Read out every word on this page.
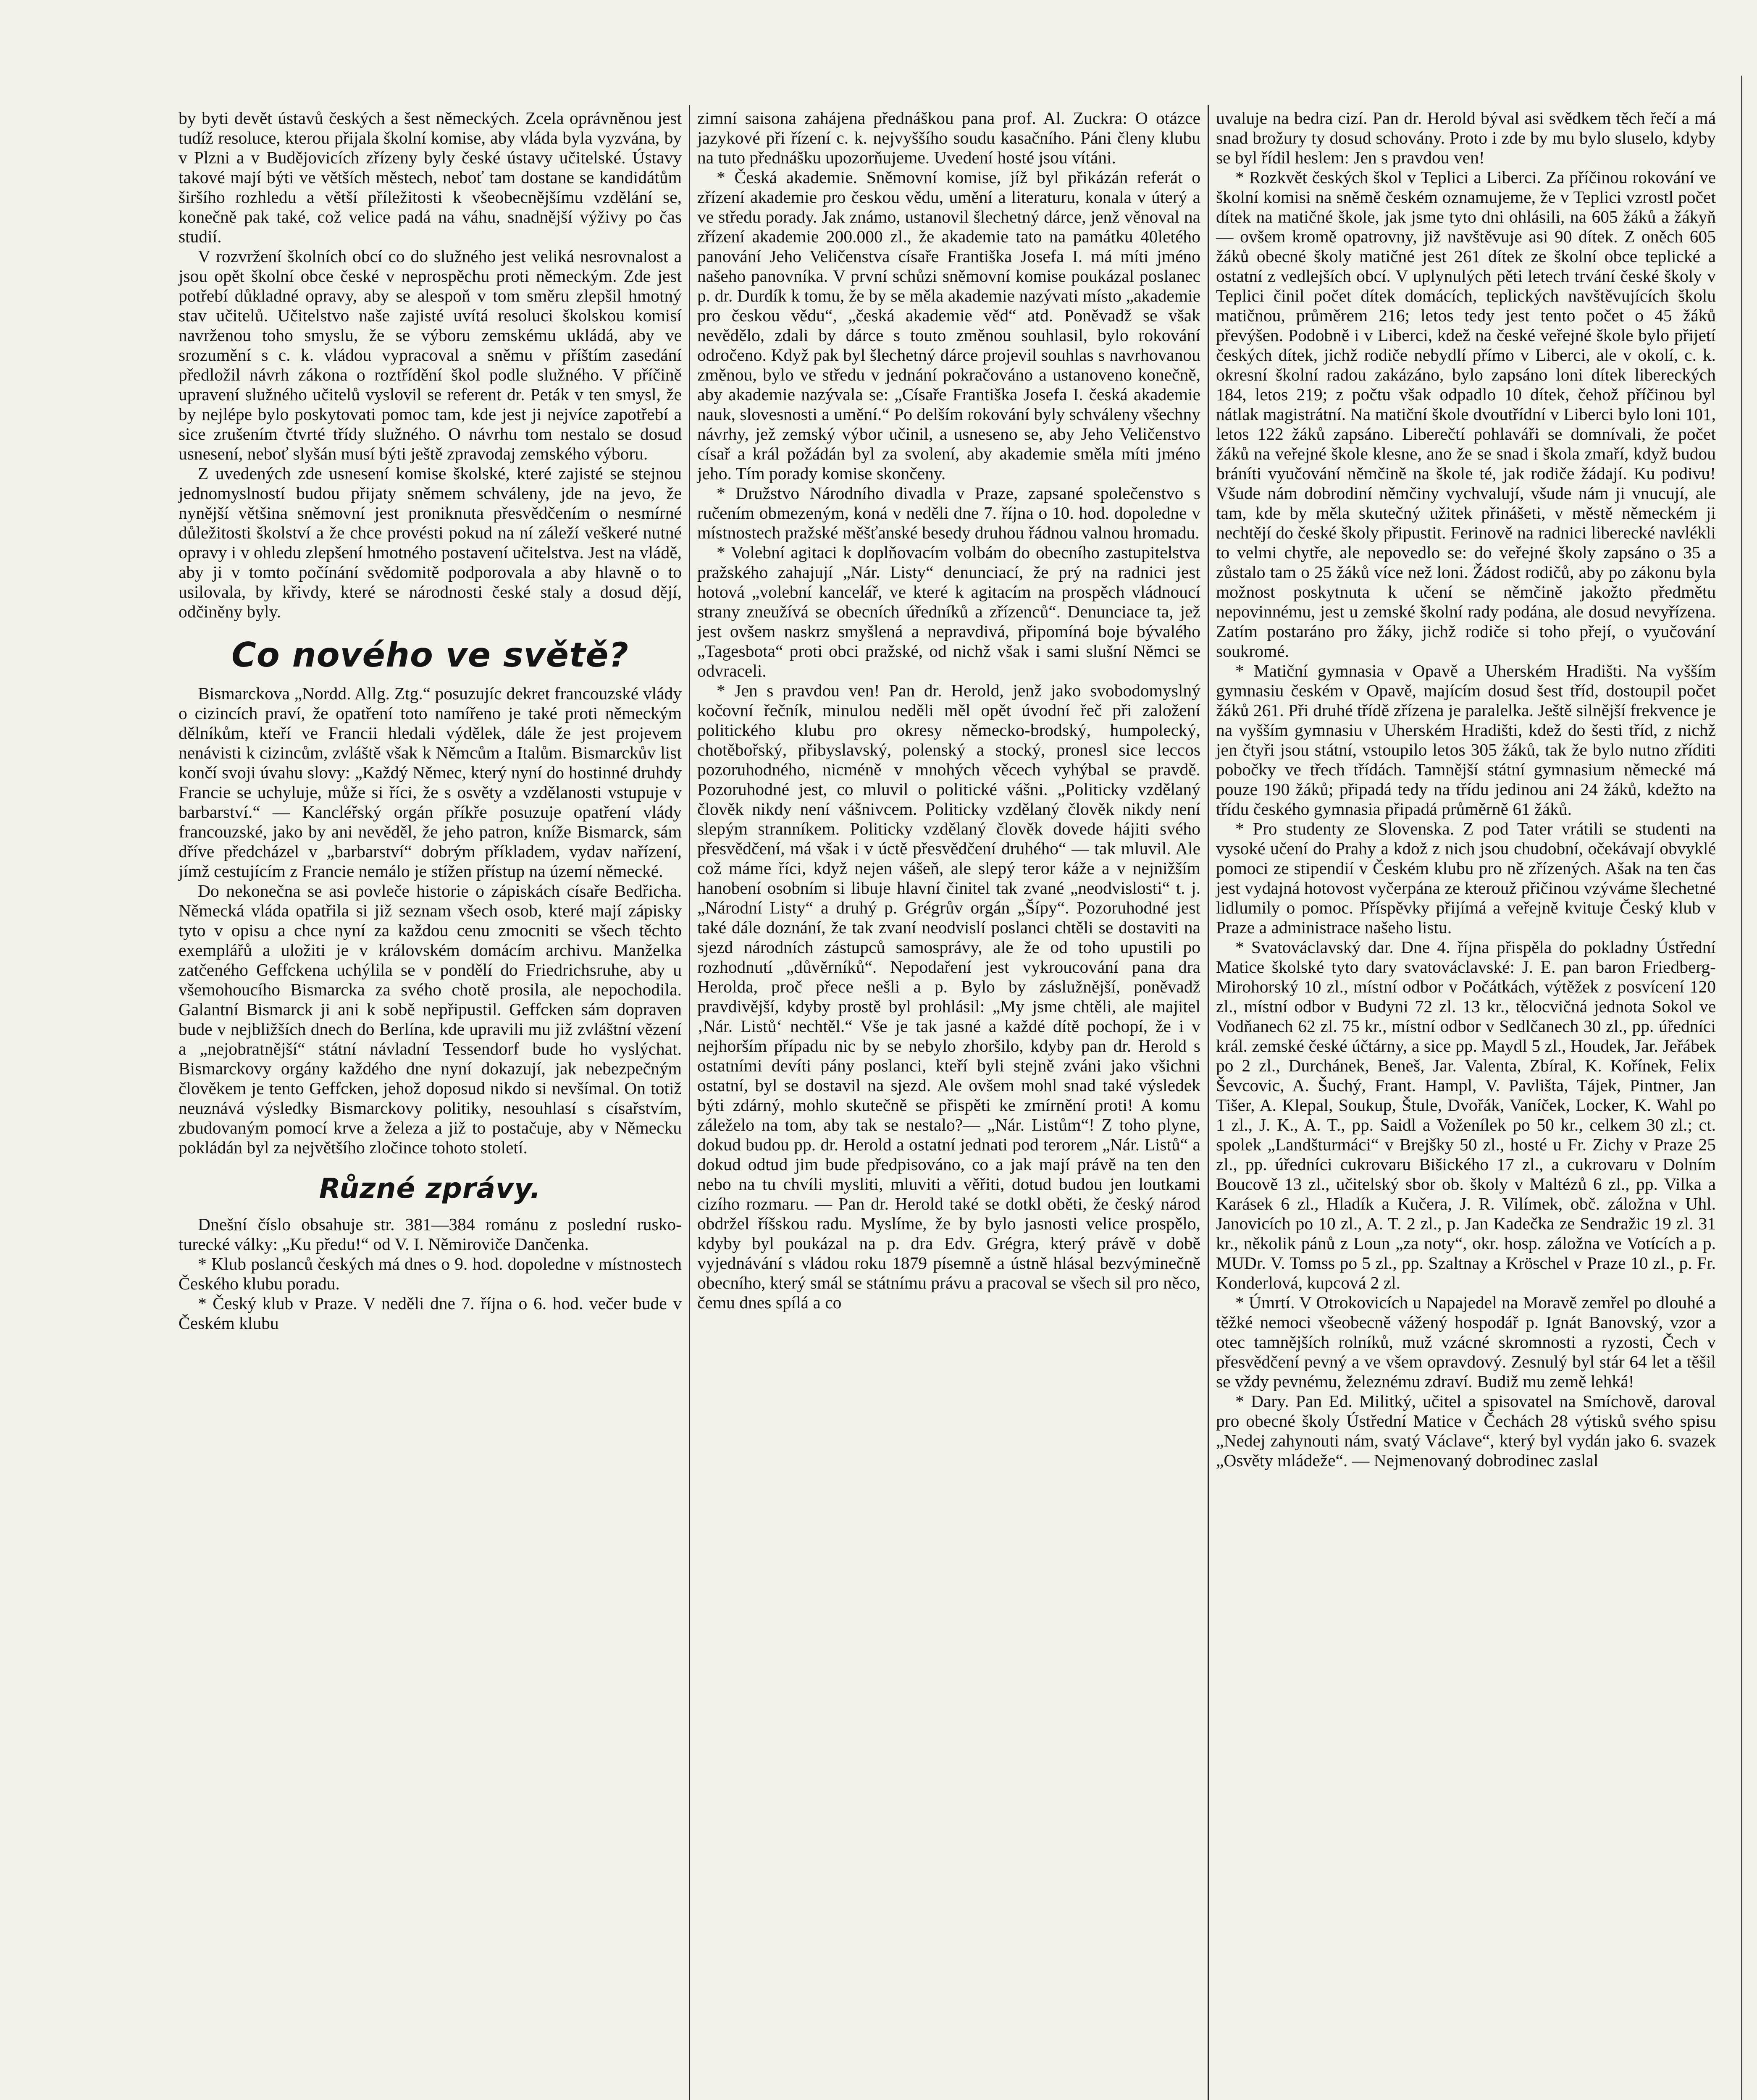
by byti devět ústavů českých a šest německých. Zcela oprávněnou jest tudíž resoluce, kterou přijala školní komise, aby vláda byla vyzvána, by v Plzni a v Budějovicích zřízeny byly české ústavy učitelské. Ústavy takové mají býti ve větších městech, neboť tam dostane se kandidátům širšího rozhledu a větší příležitosti k všeobecnějšímu vzdělání se, konečně pak také, což velice padá na váhu, snadnější výživy po čas studií.

V rozvržení školních obcí co do služného jest veliká nesrovnalost a jsou opět školní obce české v neprospěchu proti německým. Zde jest potřebí důkladné opravy, aby se alespoň v tom směru zlepšil hmotný stav učitelů. Učitelstvo naše zajisté uvítá resoluci školskou komisí navrženou toho smyslu, že se výboru zemskému ukládá, aby ve srozumění s c. k. vládou vypracoval a sněmu v příštím zasedání předložil návrh zákona o roztřídění škol podle služného. V příčině upravení služného učitelů vyslovil se referent dr. Peták v ten smysl, že by nejlépe bylo poskytovati pomoc tam, kde jest ji nejvíce zapotřebí a sice zrušením čtvrté třídy služného. O návrhu tom nestalo se dosud usnesení, neboť slyšán musí býti ještě zpravodaj zemského výboru.

Z uvedených zde usnesení komise školské, které zajisté se stejnou jednomyslností budou přijaty sněmem schváleny, jde na jevo, že nynější většina sněmovní jest proniknuta přesvědčením o nesmírné důležitosti školství a že chce provésti pokud na ní záleží veškeré nutné opravy i v ohledu zlepšení hmotného postavení učitelstva. Jest na vládě, aby ji v tomto počínání svědomitě podporovala a aby hlavně o to usilovala, by křivdy, které se národnosti české staly a dosud dějí, odčiněny byly.

Co nového ve světě?

Bismarckova „Nordd. Allg. Ztg.“ posuzujíc dekret francouzské vlády o cizincích praví, že opatření toto namířeno je také proti německým dělníkům, kteří ve Francii hledali výdělek, dále že jest projevem nenávisti k cizincům, zvláště však k Němcům a Italům. Bismarckův list končí svoji úvahu slovy: „Každý Němec, který nyní do hostinné druhdy Francie se uchyluje, může si říci, že s osvěty a vzdělanosti vstupuje v barbarství.“ — Kancléřský orgán příkře posuzuje opatření vlády francouzské, jako by ani nevěděl, že jeho patron, kníže Bismarck, sám dříve předcházel v „barbarství“ dobrým příkladem, vydav nařízení, jímž cestujícím z Francie nemálo je stížen přístup na území německé.

Do nekonečna se asi povleče historie o zápiskách císaře Bedřicha. Německá vláda opatřila si již seznam všech osob, které mají zápisky tyto v opisu a chce nyní za každou cenu zmocniti se všech těchto exemplářů a uložiti je v královském domácím archivu. Manželka zatčeného Geffckena uchýlila se v pondělí do Friedrichsruhe, aby u všemohoucího Bismarcka za svého chotě prosila, ale nepochodila. Galantní Bismarck ji ani k sobě nepřipustil. Geffcken sám dopraven bude v nejbližších dnech do Berlína, kde upravili mu již zvláštní vězení a „nejobratnější“ státní návladní Tessendorf bude ho vyslýchat. Bismarckovy orgány každého dne nyní dokazují, jak nebezpečným člověkem je tento Geffcken, jehož doposud nikdo si nevšímal. On totiž neuznává výsledky Bismarckovy politiky, nesouhlasí s císařstvím, zbudovaným pomocí krve a železa a již to postačuje, aby v Německu pokládán byl za největšího zločince tohoto století.

Různé zprávy.

Dnešní číslo obsahuje str. 381—384 románu z poslední rusko-turecké války: „Ku předu!“ od V. I. Němiroviče Dančenka.

* Klub poslanců českých má dnes o 9. hod. dopoledne v místnostech Českého klubu poradu.

* Český klub v Praze. V neděli dne 7. října o 6. hod. večer bude v Českém klubu

zimní saisona zahájena přednáškou pana prof. Al. Zuckra: O otázce jazykové při řízení c. k. nejvyššího soudu kasačního. Páni členy klubu na tuto přednášku upozorňujeme. Uvedení hosté jsou vítáni.

* Česká akademie. Sněmovní komise, jíž byl přikázán referát o zřízení akademie pro českou vědu, umění a literaturu, konala v úterý a ve středu porady. Jak známo, ustanovil šlechetný dárce, jenž věnoval na zřízení akademie 200.000 zl., že akademie tato na památku 40letého panování Jeho Veličenstva císaře Františka Josefa I. má míti jméno našeho panovníka. V první schůzi sněmovní komise poukázal poslanec p. dr. Durdík k tomu, že by se měla akademie nazývati místo „akademie pro českou vědu“, „česká akademie věd“ atd. Poněvadž se však nevědělo, zdali by dárce s touto změnou souhlasil, bylo rokování odročeno. Když pak byl šlechetný dárce projevil souhlas s navrhovanou změnou, bylo ve středu v jednání pokračováno a ustanoveno konečně, aby akademie nazývala se: „Císaře Františka Josefa I. česká akademie nauk, slovesnosti a umění.“ Po delším rokování byly schváleny všechny návrhy, jež zemský výbor učinil, a usneseno se, aby Jeho Veličenstvo císař a král požádán byl za svolení, aby akademie směla míti jméno jeho. Tím porady komise skončeny.

* Družstvo Národního divadla v Praze, zapsané společenstvo s ručením obmezeným, koná v neděli dne 7. října o 10. hod. dopoledne v místnostech pražské měšťanské besedy druhou řádnou valnou hromadu.

* Volební agitaci k doplňovacím volbám do obecního zastupitelstva pražského zahajují „Nár. Listy“ denunciací, že prý na radnici jest hotová „volební kancelář, ve které k agitacím na prospěch vládnoucí strany zneužívá se obecních úředníků a zřízenců“. Denunciace ta, jež jest ovšem naskrz smyšlená a nepravdivá, připomíná boje bývalého „Tagesbota“ proti obci pražské, od nichž však i sami slušní Němci se odvraceli.

* Jen s pravdou ven! Pan dr. Herold, jenž jako svobodomyslný kočovní řečník, minulou neděli měl opět úvodní řeč při založení politického klubu pro okresy německo-brodský, humpolecký, chotěbořský, přibyslavský, polenský a stocký, pronesl sice leccos pozoruhodného, nicméně v mnohých věcech vyhýbal se pravdě. Pozoruhodné jest, co mluvil o politické vášni. „Politicky vzdělaný člověk nikdy není vášnivcem. Politicky vzdělaný člověk nikdy není slepým stranníkem. Politicky vzdělaný člověk dovede hájiti svého přesvědčení, má však i v úctě přesvědčení druhého“ — tak mluvil. Ale což máme říci, když nejen vášeň, ale slepý teror káže a v nejnižším hanobení osobním si libuje hlavní činitel tak zvané „neodvislosti“ t. j. „Národní Listy“ a druhý p. Grégrův orgán „Šípy“. Pozoruhodné jest také dále doznání, že tak zvaní neodvislí poslanci chtěli se dostaviti na sjezd národních zástupců samosprávy, ale že od toho upustili po rozhodnutí „důvěrníků“. Nepodaření jest vykroucování pana dra Herolda, proč přece nešli a p. Bylo by záslužnější, poněvadž pravdivější, kdyby prostě byl prohlásil: „My jsme chtěli, ale majitel ‚Nár. Listů‘ nechtěl.“ Vše je tak jasné a každé dítě pochopí, že i v nejhorším případu nic by se nebylo zhoršilo, kdyby pan dr. Herold s ostatními devíti pány poslanci, kteří byli stejně zváni jako všichni ostatní, byl se dostavil na sjezd. Ale ovšem mohl snad také výsledek býti zdárný, mohlo skutečně se přispěti ke zmírnění proti! A komu záleželo na tom, aby tak se nestalo?— „Nár. Listům“! Z toho plyne, dokud budou pp. dr. Herold a ostatní jednati pod terorem „Nár. Listů“ a dokud odtud jim bude předpisováno, co a jak mají právě na ten den nebo na tu chvíli mysliti, mluviti a věřiti, dotud budou jen loutkami cizího rozmaru. — Pan dr. Herold také se dotkl oběti, že český národ obdržel říšskou radu. Myslíme, že by bylo jasnosti velice prospělo, kdyby byl poukázal na p. dra Edv. Grégra, který právě v době vyjednávání s vládou roku 1879 písemně a ústně hlásal bezvýminečně obecního, který smál se státnímu právu a pracoval se všech sil pro něco, čemu dnes spílá a co

uvaluje na bedra cizí. Pan dr. Herold býval asi svědkem těch řečí a má snad brožury ty dosud schovány. Proto i zde by mu bylo sluselo, kdyby se byl řídil heslem: Jen s pravdou ven!

* Rozkvět českých škol v Teplici a Liberci. Za příčinou rokování ve školní komisi na sněmě českém oznamujeme, že v Teplici vzrostl počet dítek na matičné škole, jak jsme tyto dni ohlásili, na 605 žáků a žákyň — ovšem kromě opatrovny, již navštěvuje asi 90 dítek. Z oněch 605 žáků obecné školy matičné jest 261 dítek ze školní obce teplické a ostatní z vedlejších obcí. V uplynulých pěti letech trvání české školy v Teplici činil počet dítek domácích, teplických navštěvujících školu matičnou, průměrem 216; letos tedy jest tento počet o 45 žáků převýšen. Podobně i v Liberci, kdež na české veřejné škole bylo přijetí českých dítek, jichž rodiče nebydlí přímo v Liberci, ale v okolí, c. k. okresní školní radou zakázáno, bylo zapsáno loni dítek libereckých 184, letos 219; z počtu však odpadlo 10 dítek, čehož příčinou byl nátlak magistrátní. Na matiční škole dvoutřídní v Liberci bylo loni 101, letos 122 žáků zapsáno. Liberečtí pohlaváři se domnívali, že počet žáků na veřejné škole klesne, ano že se snad i škola zmaří, když budou bráníti vyučování němčině na škole té, jak rodiče žádají. Ku podivu! Všude nám dobrodiní němčiny vychvalují, všude nám ji vnucují, ale tam, kde by měla skutečný užitek přinášeti, v městě německém ji nechtějí do české školy připustit. Ferinově na radnici liberecké navlékli to velmi chytře, ale nepovedlo se: do veřejné školy zapsáno o 35 a zůstalo tam o 25 žáků více než loni. Žádost rodičů, aby po zákonu byla možnost poskytnuta k učení se němčině jakožto předmětu nepovinnému, jest u zemské školní rady podána, ale dosud nevyřízena. Zatím postaráno pro žáky, jichž rodiče si toho přejí, o vyučování soukromé.

* Matiční gymnasia v Opavě a Uherském Hradišti. Na vyšším gymnasiu českém v Opavě, majícím dosud šest tříd, dostoupil počet žáků 261. Při druhé třídě zřízena je paralelka. Ještě silnější frekvence je na vyšším gymnasiu v Uherském Hradišti, kdež do šesti tříd, z nichž jen čtyři jsou státní, vstoupilo letos 305 žáků, tak že bylo nutno zříditi pobočky ve třech třídách. Tamnější státní gymnasium německé má pouze 190 žáků; připadá tedy na třídu jedinou ani 24 žáků, kdežto na třídu českého gymnasia připadá průměrně 61 žáků.

* Pro studenty ze Slovenska. Z pod Tater vrátili se studenti na vysoké učení do Prahy a kdož z nich jsou chudobní, očekávají obvyklé pomoci ze stipendií v Českém klubu pro ně zřízených. Ašak na ten čas jest vydajná hotovost vyčerpána ze kterouž přičinou vzýváme šlechetné lidlumily o pomoc. Příspěvky přijímá a veřejně kvituje Český klub v Praze a administrace našeho listu.

* Svatováclavský dar. Dne 4. října přispěla do pokladny Ústřední Matice školské tyto dary svatováclavské: J. E. pan baron Friedberg-Mirohorský 10 zl., místní odbor v Počátkách, výtěžek z posvícení 120 zl., místní odbor v Budyni 72 zl. 13 kr., tělocvičná jednota Sokol ve Vodňanech 62 zl. 75 kr., místní odbor v Sedlčanech 30 zl., pp. úředníci král. zemské české účtárny, a sice pp. Maydl 5 zl., Houdek, Jar. Jeřábek po 2 zl., Durchánek, Beneš, Jar. Valenta, Zbíral, K. Kořínek, Felix Ševcovic, A. Šuchý, Frant. Hampl, V. Pavlišta, Tájek, Pintner, Jan Tišer, A. Klepal, Soukup, Štule, Dvořák, Vaníček, Locker, K. Wahl po 1 zl., J. K., A. T., pp. Saidl a Voženílek po 50 kr., celkem 30 zl.; ct. spolek „Landšturmáci“ v Brejšky 50 zl., hosté u Fr. Zichy v Praze 25 zl., pp. úředníci cukrovaru Bišického 17 zl., a cukrovaru v Dolním Boucově 13 zl., učitelský sbor ob. školy v Maltézů 6 zl., pp. Vilka a Karásek 6 zl., Hladík a Kučera, J. R. Vilímek, obč. záložna v Uhl. Janovicích po 10 zl., A. T. 2 zl., p. Jan Kadečka ze Sendražic 19 zl. 31 kr., několik pánů z Loun „za noty“, okr. hosp. záložna ve Votících a p. MUDr. V. Tomss po 5 zl., pp. Szaltnay a Kröschel v Praze 10 zl., p. Fr. Konderlová, kupcová 2 zl.

* Úmrtí. V Otrokovicích u Napajedel na Moravě zemřel po dlouhé a těžké nemoci všeobecně vážený hospodář p. Ignát Banovský, vzor a otec tamnějších rolníků, muž vzácné skromnosti a ryzosti, Čech v přesvědčení pevný a ve všem opravdový. Zesnulý byl stár 64 let a těšil se vždy pevnému, železnému zdraví. Budiž mu země lehká!

* Dary. Pan Ed. Militký, učitel a spisovatel na Smíchově, daroval pro obecné školy Ústřední Matice v Čechách 28 výtisků svého spisu „Nedej zahynouti nám, svatý Václave“, který byl vydán jako 6. svazek „Osvěty mládeže“. — Nejmenovaný dobrodinec zaslal
